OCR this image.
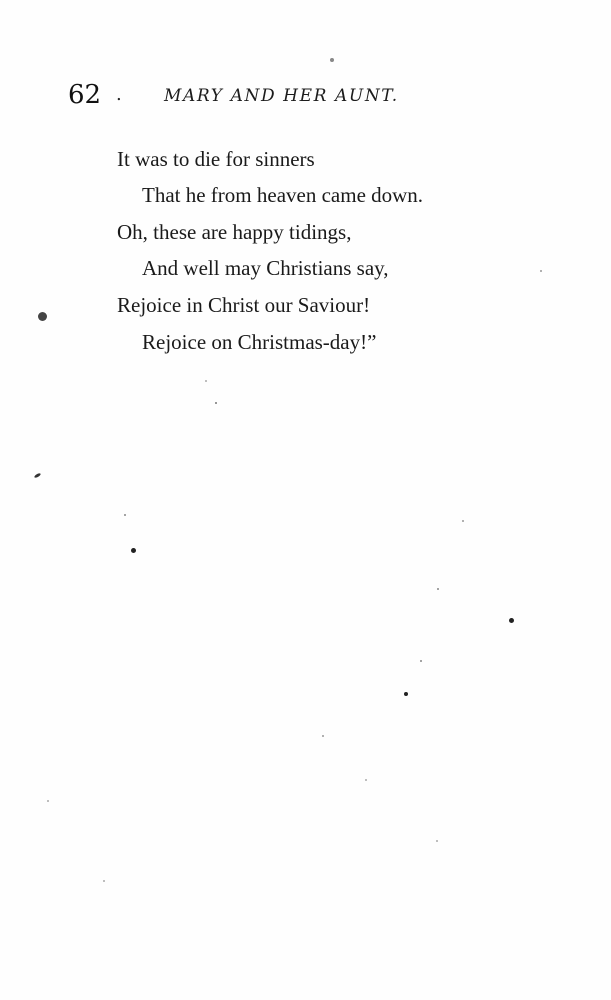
62 . MARY AND HER AUNT.
It was to die for sinners
That he from heaven came down.
Oh, these are happy tidings,
And well may Christians say,
Rejoice in Christ our Saviour!
Rejoice on Christmas-day!”
